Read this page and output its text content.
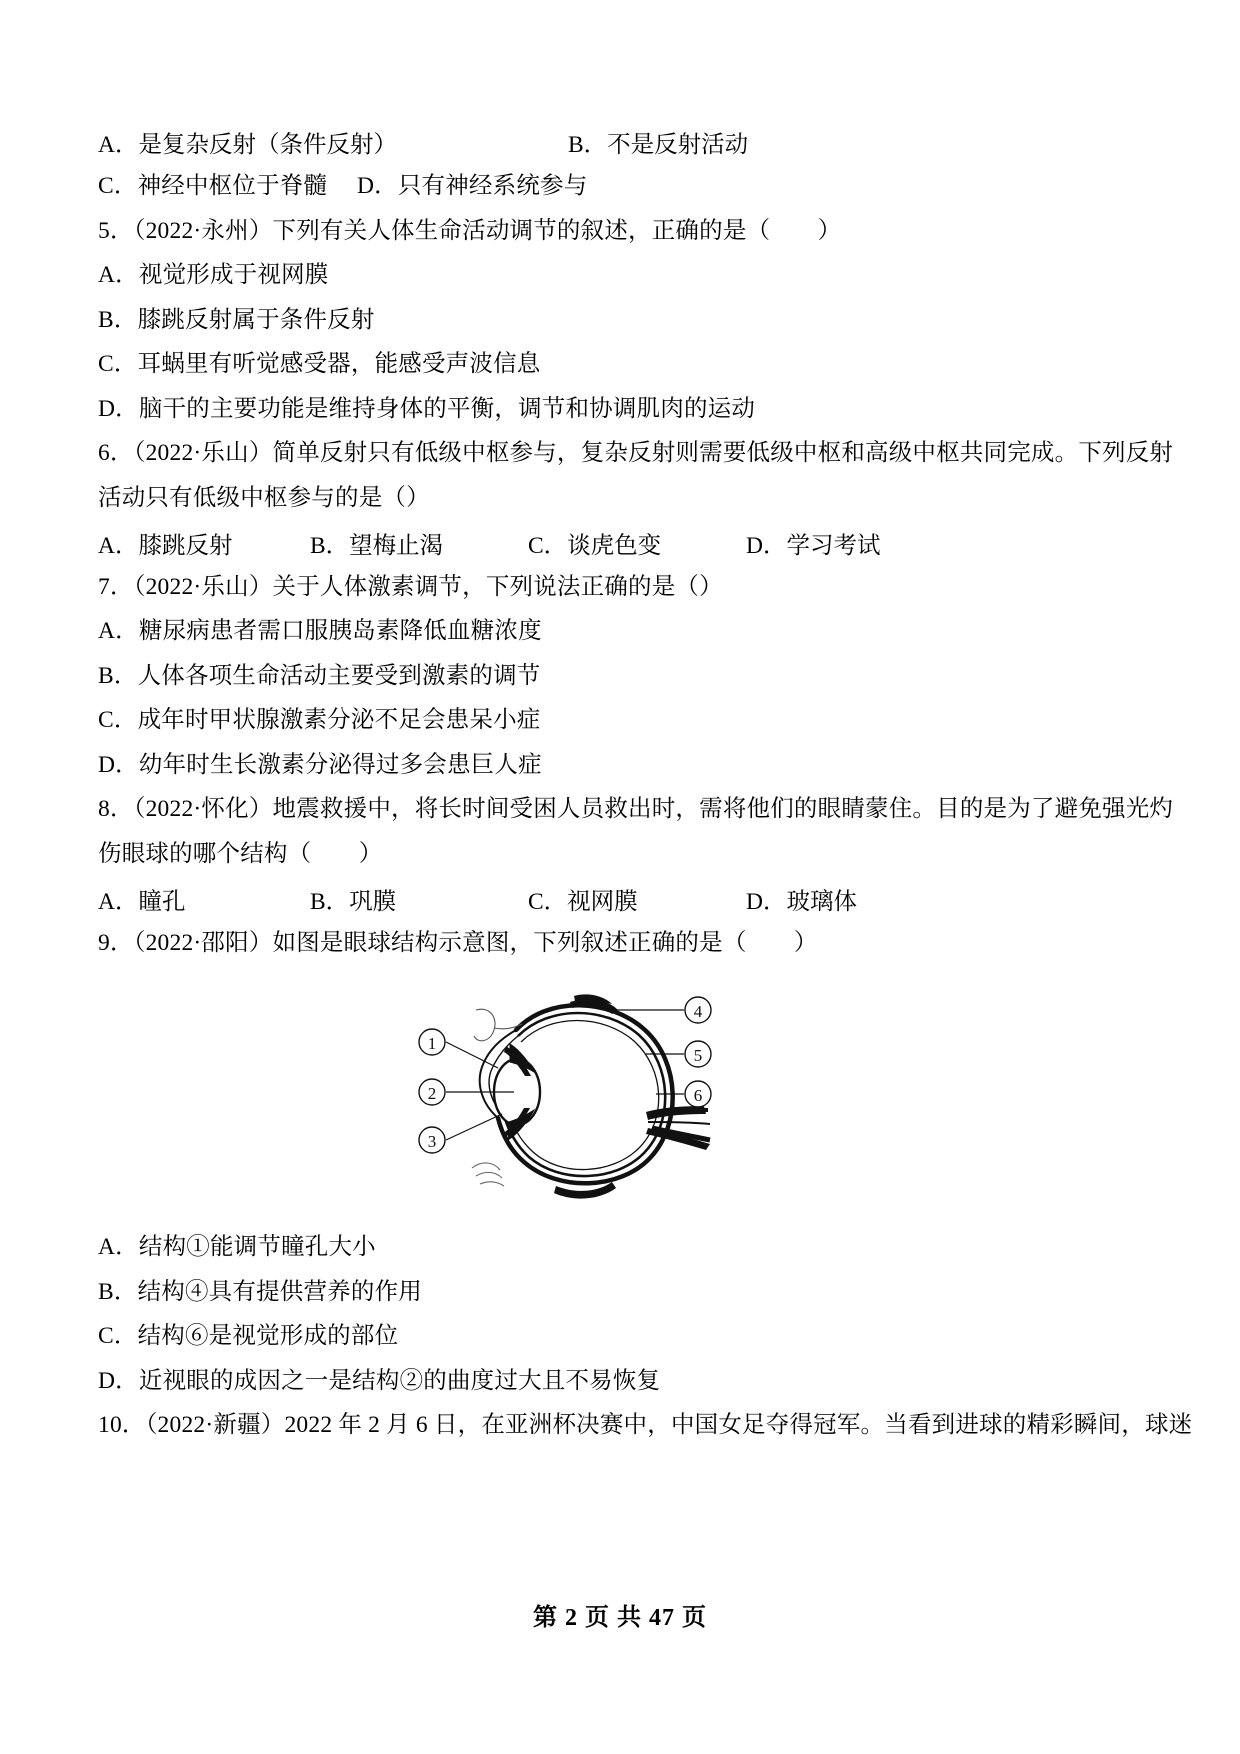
A．是复杂反射（条件反射）	B．不是反射活动
C．神经中枢位于脊髓　 D．只有神经系统参与
5．（2022·永州）下列有关人体生命活动调节的叙述，正确的是（　　）
A．视觉形成于视网膜
B．膝跳反射属于条件反射
C．耳蜗里有听觉感受器，能感受声波信息
D．脑干的主要功能是维持身体的平衡，调节和协调肌肉的运动
6．（2022·乐山）简单反射只有低级中枢参与，复杂反射则需要低级中枢和高级中枢共同完成。下列反射
活动只有低级中枢参与的是（）
A．膝跳反射	B．望梅止渴	C．谈虎色变	D．学习考试
7．（2022·乐山）关于人体激素调节，下列说法正确的是（）
A．糖尿病患者需口服胰岛素降低血糖浓度
B．人体各项生命活动主要受到激素的调节
C．成年时甲状腺激素分泌不足会患呆小症
D．幼年时生长激素分泌得过多会患巨人症
8．（2022·怀化）地震救援中，将长时间受困人员救出时，需将他们的眼睛蒙住。目的是为了避免强光灼
伤眼球的哪个结构（　　）
A．瞳孔	B．巩膜	C．视网膜	D．玻璃体
9．（2022·邵阳）如图是眼球结构示意图，下列叙述正确的是（　　）
1
2
3
4
5
6
A．结构①能调节瞳孔大小
B．结构④具有提供营养的作用
C．结构⑥是视觉形成的部位
D．近视眼的成因之一是结构②的曲度过大且不易恢复
10．（2022·新疆）2022 年 2 月 6 日，在亚洲杯决赛中，中国女足夺得冠军。当看到进球的精彩瞬间，球迷
第 2 页 共 47 页
